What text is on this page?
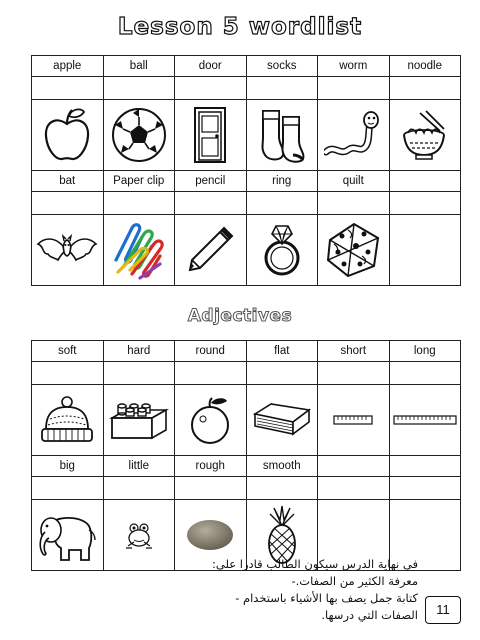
Lesson 5 wordlist
apple	ball	door	socks	worm	noodle

bat	Paper clip	pencil	ring	quilt	

Adjectives
soft	hard	round	flat	short	long

big	little	rough	smooth		

في نهاية الدرس سيكون الطالب قادرا على:
معرفة الكثير من الصفات.-
كتابة جمل يصف بها الأشياء باستخدام -
الصفات التي درسها.	11
